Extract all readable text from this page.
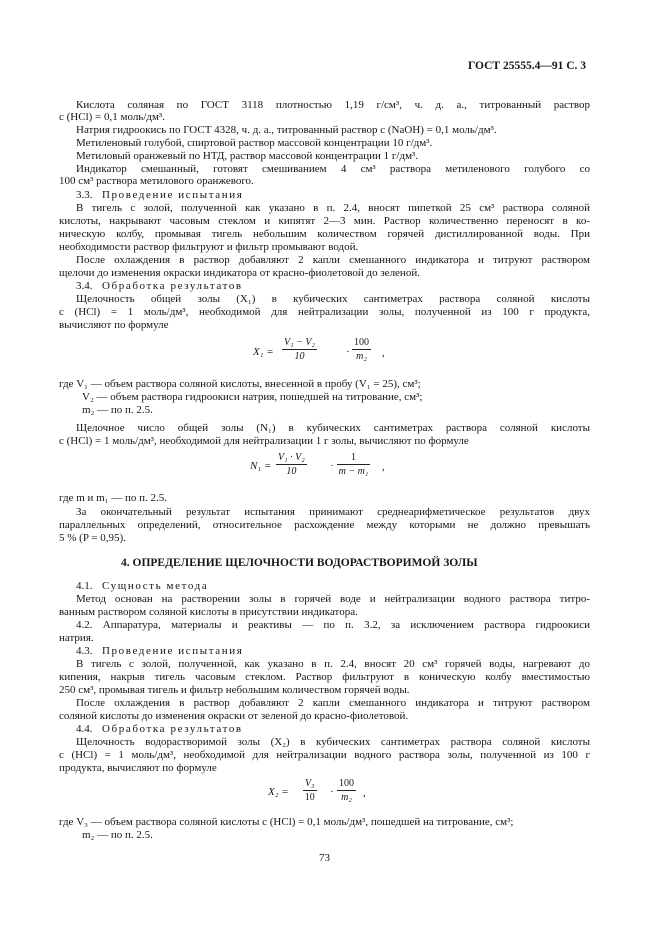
ГОСТ 25555.4—91 С. 3
Кислота соляная по ГОСТ 3118 плотностью 1,19 г/см³, ч. д. а., титрованный раствор
c (HCl) = 0,1 моль/дм³.
Натрия гидроокись по ГОСТ 4328, ч. д. а., титрованный раствор c (NaOH) = 0,1 моль/дм³.
Метиленовый голубой, спиртовой раствор массовой концентрации 10 г/дм³.
Метиловый оранжевый по НТД, раствор массовой концентрации 1 г/дм³.
Индикатор смешанный, готовят смешиванием 4 см³ раствора метиленового голубого со
100 см³ раствора метилового оранжевого.
3.3. Проведение испытания
В тигель с золой, полученной как указано в п. 2.4, вносят пипеткой 25 см³ раствора соляной
кислоты, накрывают часовым стеклом и кипятят 2—3 мин. Раствор количественно переносят в ко-
ническую колбу, промывая тигель небольшим количеством горячей дистиллированной воды. При
необходимости раствор фильтруют и фильтр промывают водой.
После охлаждения в раствор добавляют 2 капли смешанного индикатора и титруют раствором
щелочи до изменения окраски индикатора от красно-фиолетовой до зеленой.
3.4. Обработка результатов
Щелочность общей золы (X₁) в кубических сантиметрах раствора соляной кислоты
c (HCl) = 1 моль/дм³, необходимой для нейтрализации золы, полученной из 100 г продукта,
вычисляют по формуле
$X_1 = \frac{\text{V₁ − V₂}}{10}$	· $\frac{100}{\text{m₂}}$ ,
где V₁ — объем раствора соляной кислоты, внесенной в пробу (V₁ = 25), см³;
V₂ — объем раствора гидроокиси натрия, пошедшей на титрование, см³;
m₂ — по п. 2.5.
Щелочное число общей золы (N₁) в кубических сантиметрах раствора соляной кислоты
c (HCl) = 1 моль/дм³, необходимой для нейтрализации 1 г золы, вычисляют по формуле
$N_1 = \frac{\text{V₁ · V₂}}{10} \cdot \frac{1}{\text{m − m₁}}$ ,
где m и m₁ — по п. 2.5.
За окончательный результат испытания принимают среднеарифметическое результатов двух
параллельных определений, относительное расхождение между которыми не должно превышать
5 % (P = 0,95).
4. ОПРЕДЕЛЕНИЕ ЩЕЛОЧНОСТИ ВОДОРАСТВОРИМОЙ ЗОЛЫ
4.1. Сущность метода
Метод основан на растворении золы в горячей воде и нейтрализации водного раствора титро-
ванным раствором соляной кислоты в присутствии индикатора.
4.2. Аппаратура, материалы и реактивы — по п. 3.2, за исключением раствора гидроокиси
натрия.
4.3. Проведение испытания
В тигель с золой, полученной, как указано в п. 2.4, вносят 20 см³ горячей воды, нагревают до
кипения, накрыв тигель часовым стеклом. Раствор фильтруют в коническую колбу вместимостью
250 см³, промывая тигель и фильтр небольшим количеством горячей воды.
После охлаждения в раствор добавляют 2 капли смешанного индикатора и титруют раствором
соляной кислоты до изменения окраски от зеленой до красно-фиолетовой.
4.4. Обработка результатов
Щелочность водорастворимой золы (X₂) в кубических сантиметрах раствора соляной кислоты
c (HCl) = 1 моль/дм³, необходимой для нейтрализации водного раствора золы, полученной из 100 г
продукта, вычисляют по формуле
$X_2 = \frac{\text{V₃}}{10} \cdot \frac{100}{\text{m₂}}$ ,
где V₃ — объем раствора соляной кислоты c (HCl) = 0,1 моль/дм³, пошедшей на титрование, см³;
m₂ — по п. 2.5.
73
